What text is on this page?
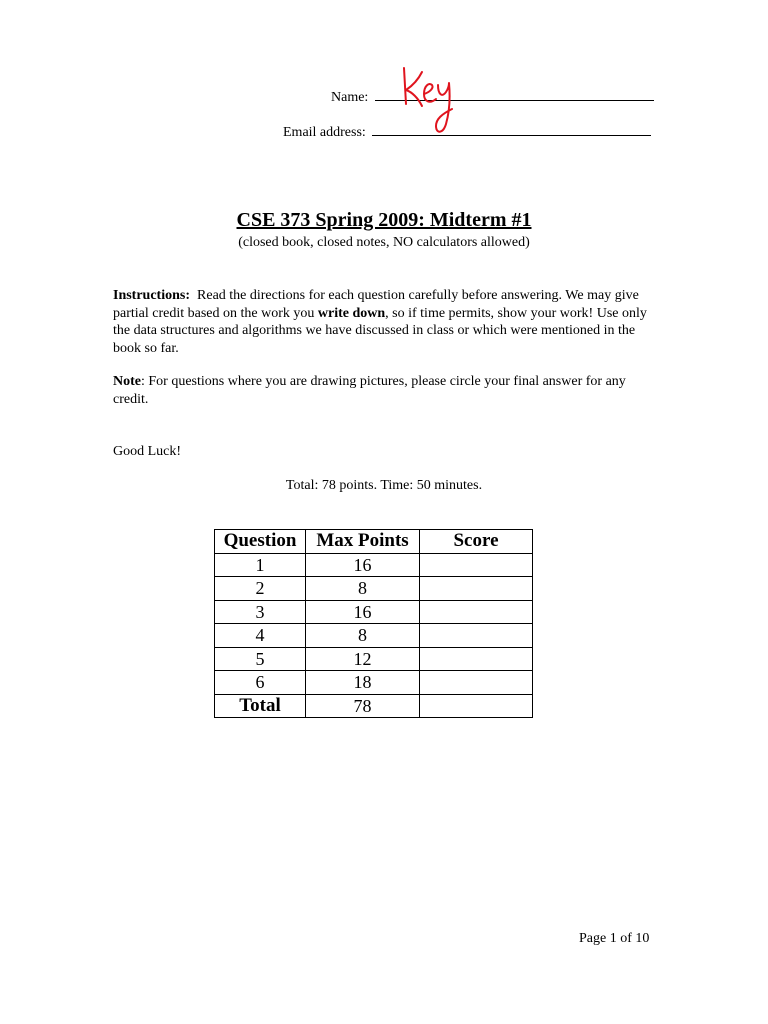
Name:
Email address:
CSE 373 Spring 2009: Midterm #1
(closed book, closed notes, NO calculators allowed)
Instructions: Read the directions for each question carefully before answering. We may give partial credit based on the work you write down, so if time permits, show your work! Use only the data structures and algorithms we have discussed in class or which were mentioned in the book so far.
Note: For questions where you are drawing pictures, please circle your final answer for any credit.
Good Luck!
Total: 78 points. Time: 50 minutes.
Question	Max Points	Score
1	16	
2	8	
3	16	
4	8	
5	12	
6	18	
Total	78	
Page 1 of 10
